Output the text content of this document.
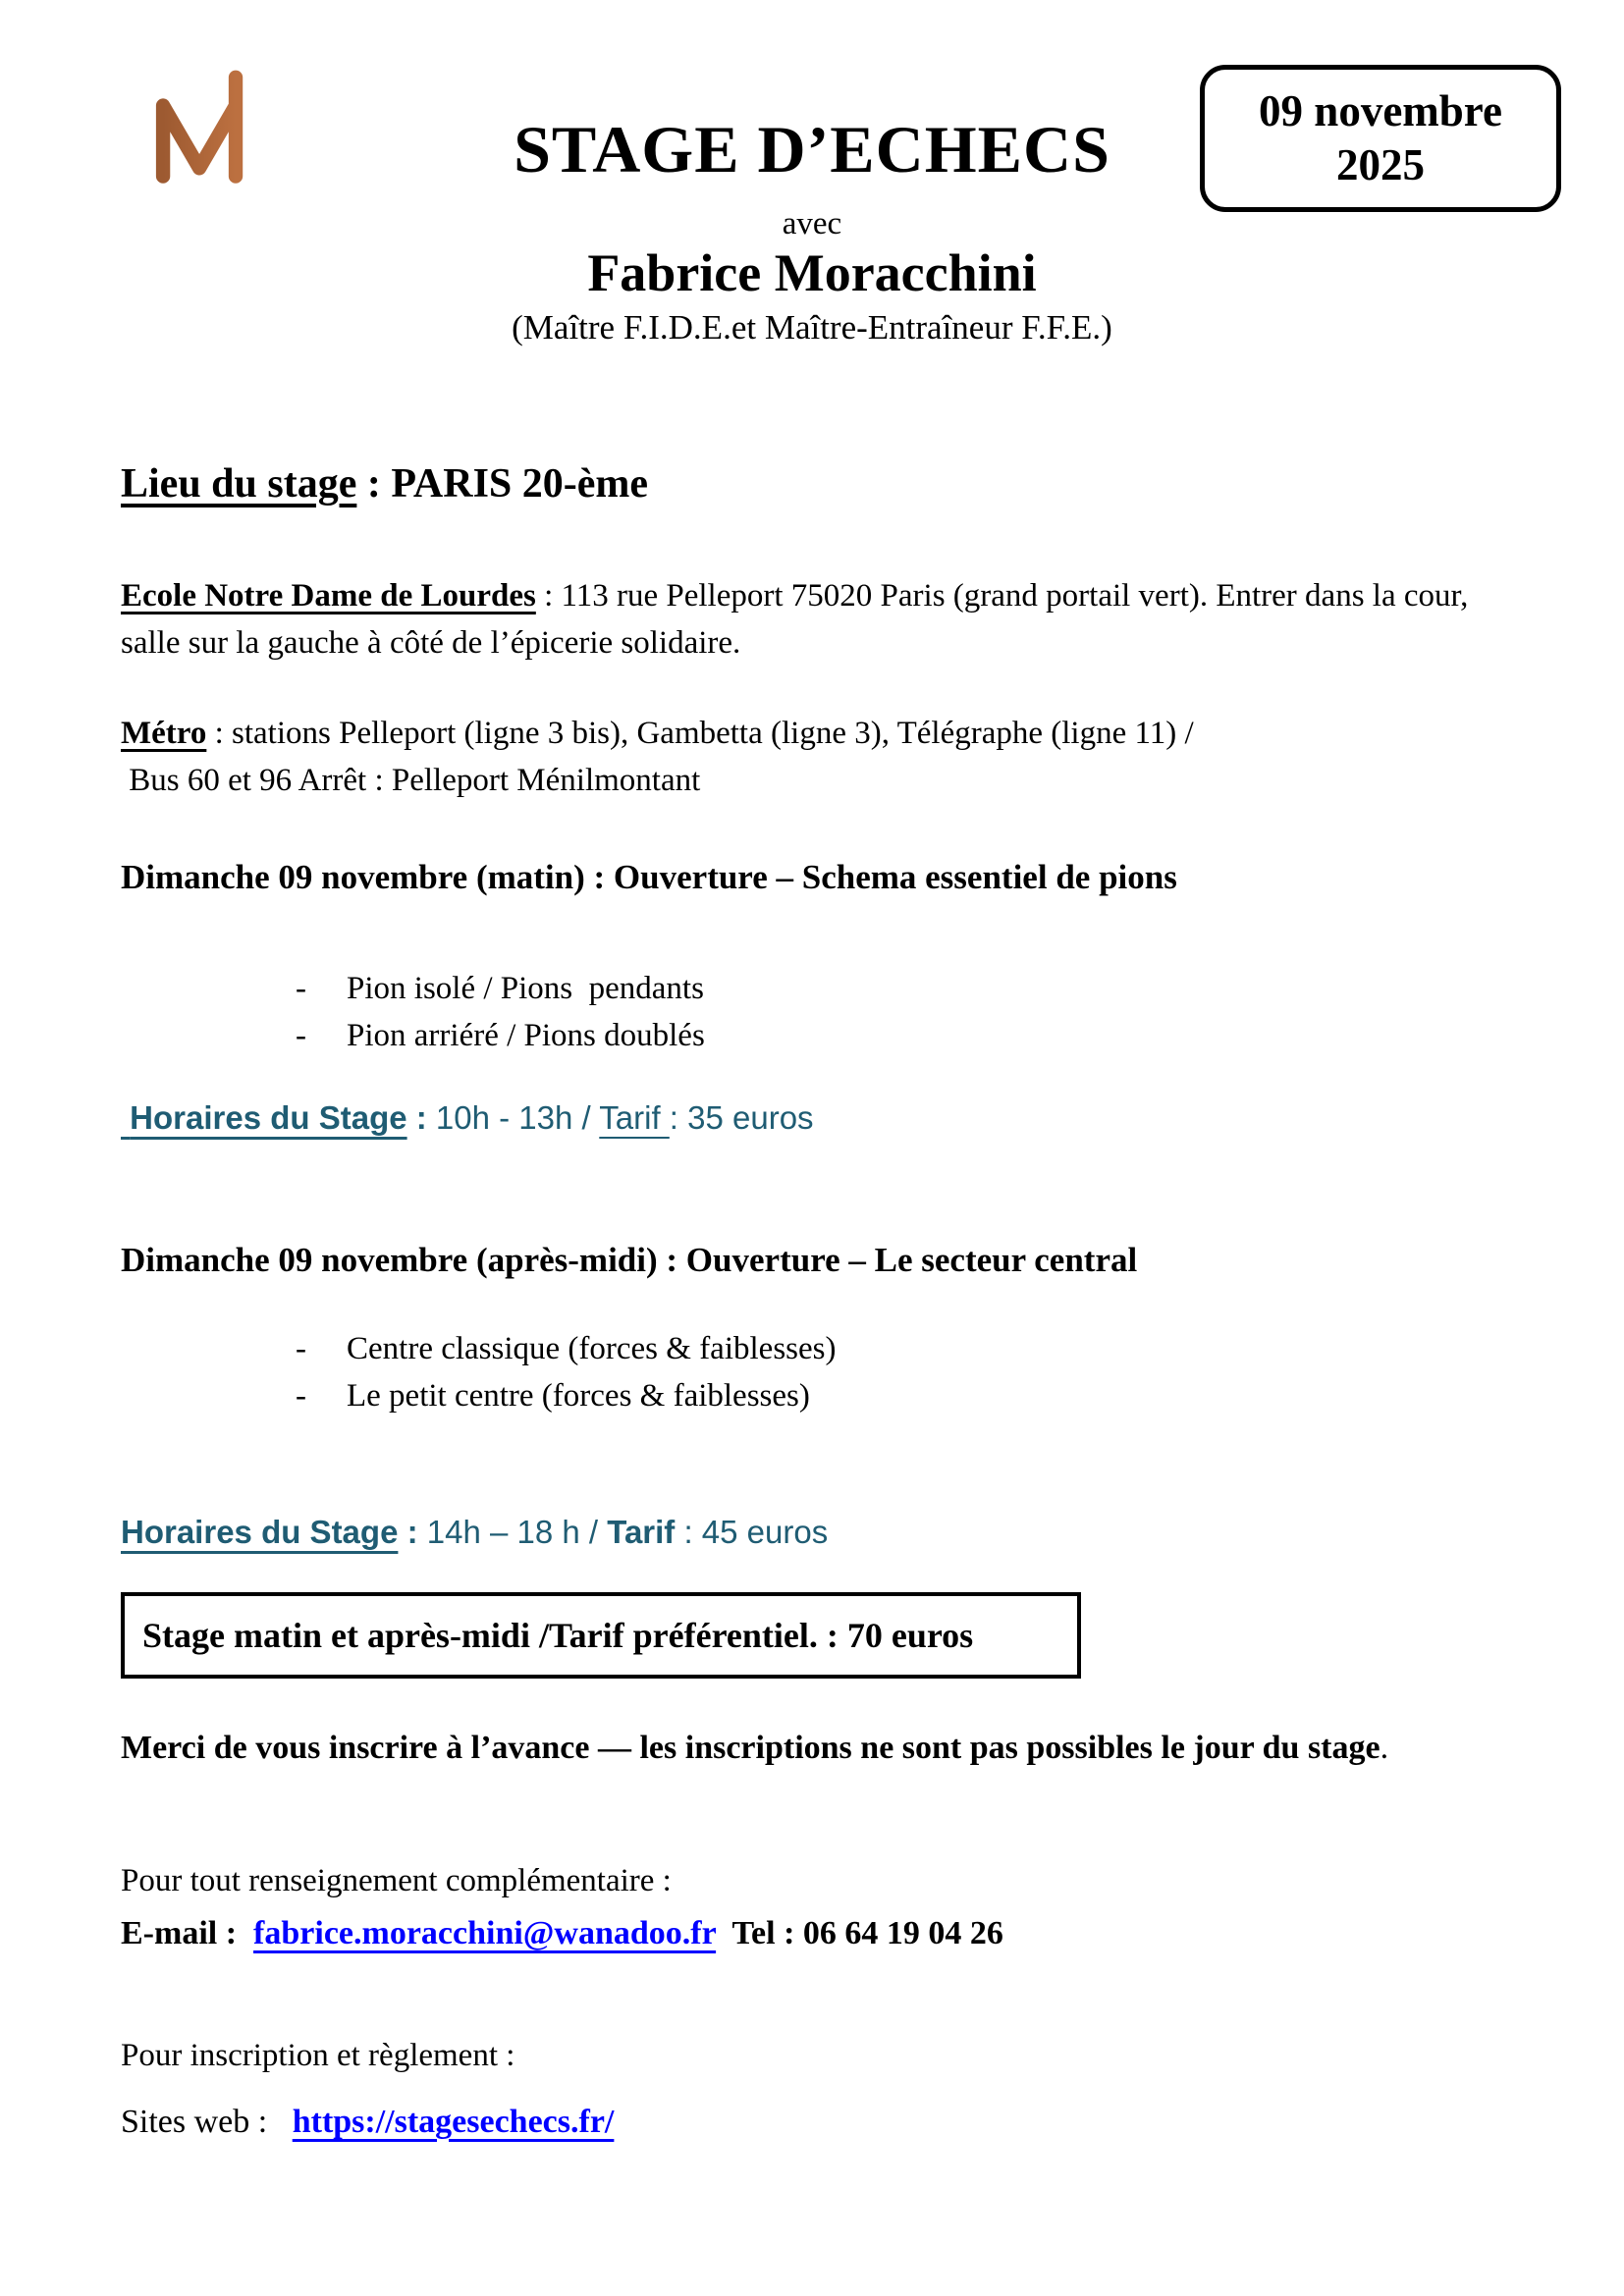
STAGE D’ECHECS
avec
Fabrice Moracchini
(Maître F.I.D.E.et Maître-Entraîneur F.F.E.)
09 novembre
2025
Lieu du stage : PARIS 20-ème
Ecole Notre Dame de Lourdes : 113 rue Pelleport 75020 Paris (grand portail vert). Entrer dans la cour, salle sur la gauche à côté de l’épicerie solidaire.
Métro : stations Pelleport (ligne 3 bis), Gambetta (ligne 3), Télégraphe (ligne 11) /
Bus 60 et 96 Arrêt : Pelleport Ménilmontant
Dimanche 09 novembre (matin) : Ouverture – Schema essentiel de pions
-	Pion isolé / Pions  pendants
-	Pion arriéré / Pions doublés
Horaires du Stage : 10h - 13h / Tarif : 35 euros
Dimanche 09 novembre (après-midi) : Ouverture – Le secteur central
-	Centre classique (forces & faiblesses)
-	Le petit centre (forces & faiblesses)
Horaires du Stage : 14h – 18 h / Tarif : 45 euros
Stage matin et après-midi /Tarif préférentiel. : 70 euros
Merci de vous inscrire à l’avance — les inscriptions ne sont pas possibles le jour du stage.
Pour tout renseignement complémentaire :
E-mail :  fabrice.moracchini@wanadoo.fr  Tel : 06 64 19 04 26
Pour inscription et règlement :
Sites web :   https://stagesechecs.fr/
